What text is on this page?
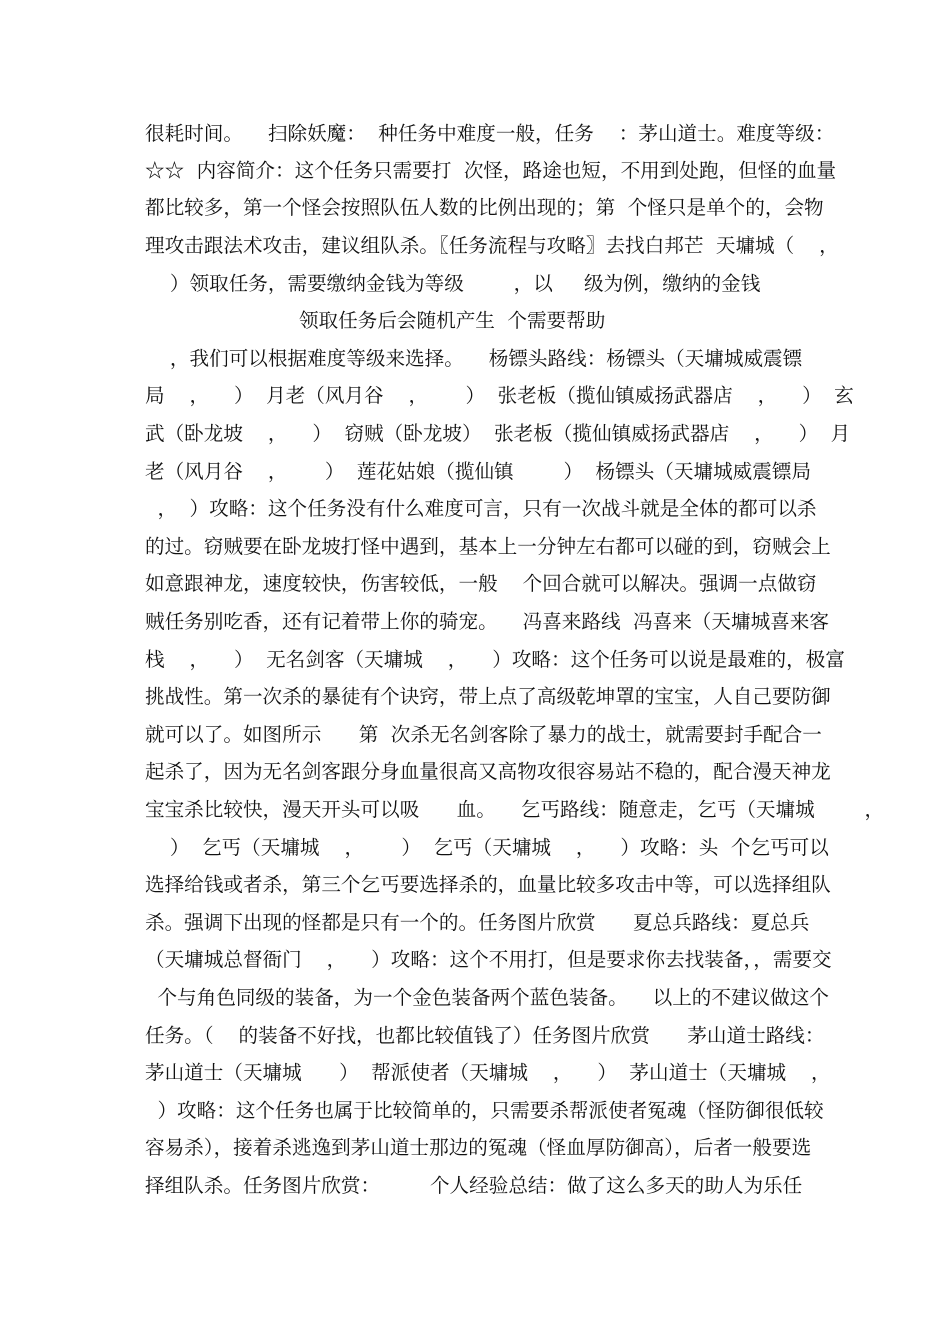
很耗时间。    扫除妖魔：  种任务中难度一般，任务    ：茅山道士。难度等级：
☆☆  内容简介：这个任务只需要打  次怪，路途也短，不用到处跑，但怪的血量
都比较多，第一个怪会按照队伍人数的比例出现的；第  个怪只是单个的，会物
理攻击跟法术攻击，建议组队杀。〖任务流程与攻略〗去找白邦芒  天墉城（    ，
）领取任务，需要缴纳金钱为等级        ，以     级为例，缴纳的金钱
领取任务后会随机产生  个需要帮助
，我们可以根据难度等级来选择。    杨镖头路线：杨镖头（天墉城威震镖
局    ，    ）  月老（风月谷    ，      ）  张老板（揽仙镇威扬武器店    ，    ）  玄
武（卧龙坡    ，    ）  窃贼（卧龙坡）  张老板（揽仙镇威扬武器店    ，    ）  月
老（风月谷    ，      ）  莲花姑娘（揽仙镇        ）  杨镖头（天墉城威震镖局
，  ）攻略：这个任务没有什么难度可言，只有一次战斗就是全体的都可以杀
的过。窃贼要在卧龙坡打怪中遇到，基本上一分钟左右都可以碰的到，窃贼会上
如意跟神龙，速度较快，伤害较低，一般    个回合就可以解决。强调一点做窃
贼任务别吃香，还有记着带上你的骑宠。    冯喜来路线  冯喜来（天墉城喜来客
栈    ，    ）  无名剑客（天墉城    ，    ）攻略：这个任务可以说是最难的，极富
挑战性。第一次杀的暴徒有个诀窍，带上点了高级乾坤罩的宝宝，人自己要防御
就可以了。如图所示      第  次杀无名剑客除了暴力的战士，就需要封手配合一
起杀了，因为无名剑客跟分身血量很高又高物攻很容易站不稳的，配合漫天神龙
宝宝杀比较快，漫天开头可以吸      血。    乞丐路线：随意走，乞丐（天墉城        ，
）  乞丐（天墉城    ，      ）  乞丐（天墉城    ，    ）攻略：头  个乞丐可以
选择给钱或者杀，第三个乞丐要选择杀的，血量比较多攻击中等，可以选择组队
杀。强调下出现的怪都是只有一个的。任务图片欣赏      夏总兵路线：夏总兵
（天墉城总督衙门    ，    ）攻略：这个不用打，但是要求你去找装备，，需要交
个与角色同级的装备，为一个金色装备两个蓝色装备。    以上的不建议做这个
任务。（    的装备不好找，也都比较值钱了）任务图片欣赏      茅山道士路线：
茅山道士（天墉城      ）  帮派使者（天墉城    ，    ）  茅山道士（天墉城    ，
）攻略：这个任务也属于比较简单的，只需要杀帮派使者冤魂（怪防御很低较
容易杀），接着杀逃逸到茅山道士那边的冤魂（怪血厚防御高），后者一般要选
择组队杀。任务图片欣赏：        个人经验总结：做了这么多天的助人为乐任
